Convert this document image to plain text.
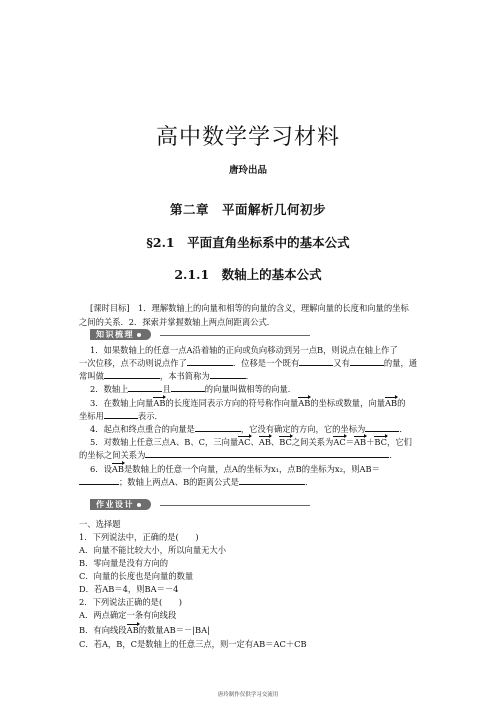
高中数学学习材料
唐玲出品
第二章　平面解析几何初步
§2.1　平面直角坐标系中的基本公式
2.1.1　数轴上的基本公式
[课时目标]　1．理解数轴上的向量和相等的向量的含义，理解向量的长度和向量的坐标
之间的关系．2．探索并掌握数轴上两点间距离公式．
知识梳理
1．如果数轴上的任意一点A沿着轴的正向或负向移动到另一点B，则说点在轴上作了
一次位移，点不动则说点作了	．位移是一个既有	又有	的量，通
常叫做	，本书简称为	．
2．数轴上	且	的向量叫做相等的向量．
3．在数轴上向量AB的长度连同表示方向的符号称作向量AB的坐标或数量，向量AB的
坐标用	表示．
4．起点和终点重合的向量是	，它没有确定的方向，它的坐标为	．
5．对数轴上任意三点A、B、C，三向量AC、AB、BC之间关系为AC＝AB＋BC，它们
的坐标之间关系为	．
6．设AB是数轴上的任意一个向量，点A的坐标为x₁，点B的坐标为x₂，则AB＝
；数轴上两点A、B的距离公式是	．
作业设计
一、选择题
1．下列说法中，正确的是(　　)
A．向量不能比较大小，所以向量无大小
B．零向量是没有方向的
C．向量的长度也是向量的数量
D．若AB＝4，则BA＝－4
2．下列说法正确的是(　　)
A．两点确定一条有向线段
B．有向线段AB的数量AB＝－|BA|
C．若A，B，C是数轴上的任意三点，则一定有AB＝AC＋CB
唐玲制作仅供学习交流用
